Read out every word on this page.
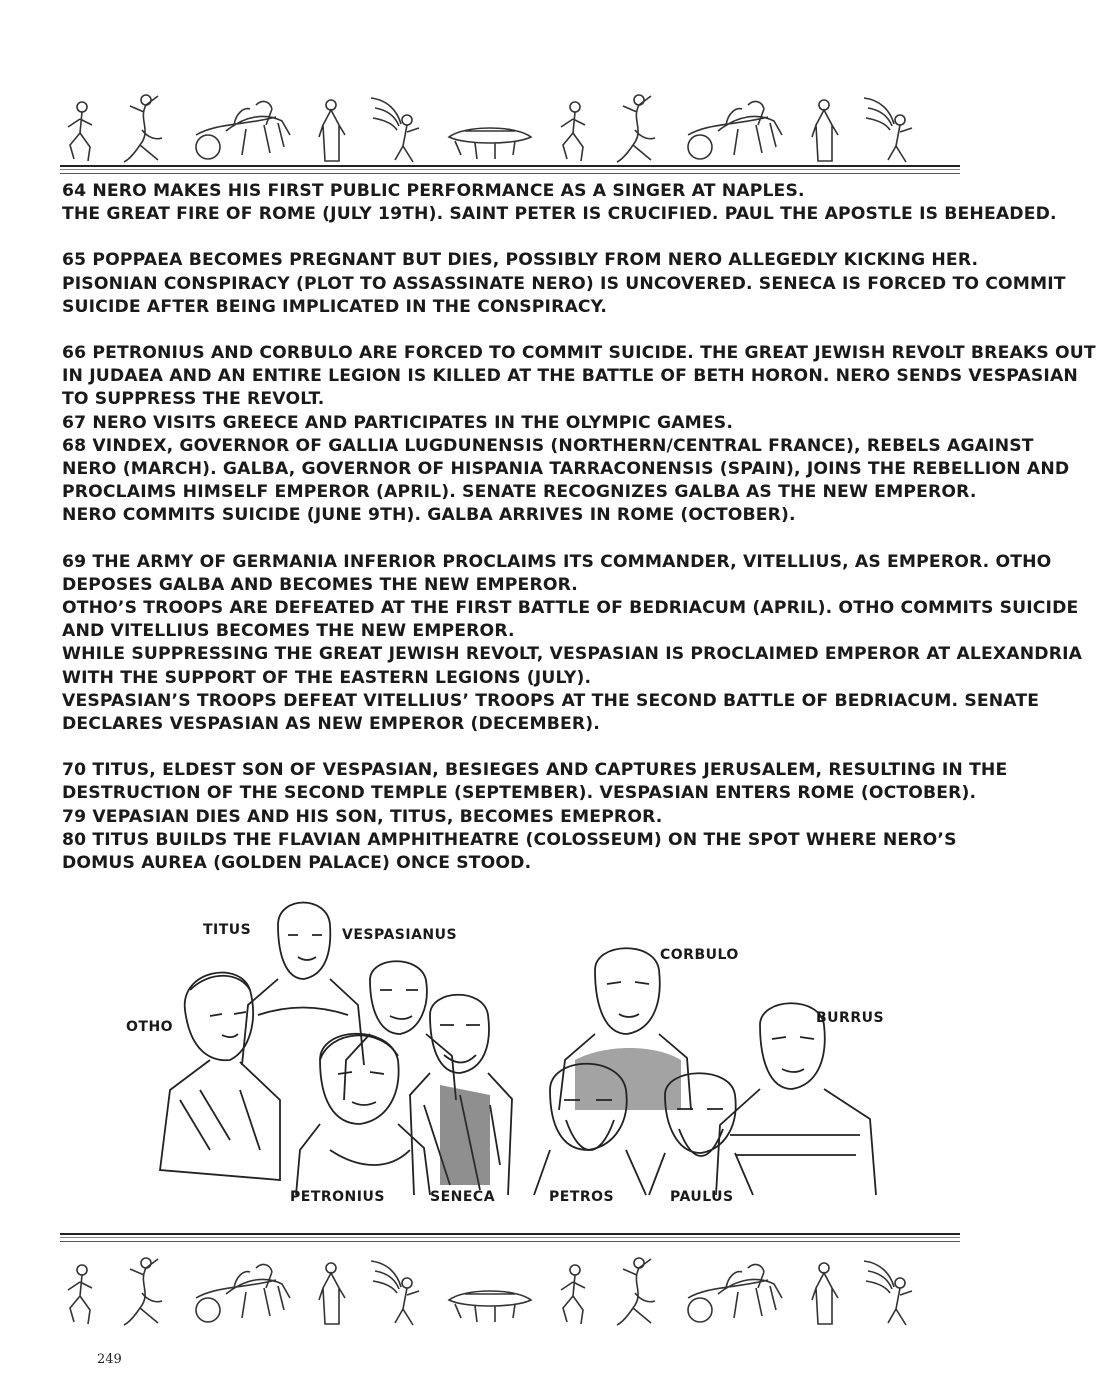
64 NERO MAKES HIS FIRST PUBLIC PERFORMANCE AS A SINGER AT NAPLES.
THE GREAT FIRE OF ROME (JULY 19TH). SAINT PETER IS CRUCIFIED. PAUL THE APOSTLE IS BEHEADED.
65 POPPAEA BECOMES PREGNANT BUT DIES, POSSIBLY FROM NERO ALLEGEDLY KICKING HER.
PISONIAN CONSPIRACY (PLOT TO ASSASSINATE NERO) IS UNCOVERED. SENECA IS FORCED TO COMMIT
SUICIDE AFTER BEING IMPLICATED IN THE CONSPIRACY.
66 PETRONIUS AND CORBULO ARE FORCED TO COMMIT SUICIDE. THE GREAT JEWISH REVOLT BREAKS OUT
IN JUDAEA AND AN ENTIRE LEGION IS KILLED AT THE BATTLE OF BETH HORON. NERO SENDS VESPASIAN
TO SUPPRESS THE REVOLT.
67 NERO VISITS GREECE AND PARTICIPATES IN THE OLYMPIC GAMES.
68 VINDEX, GOVERNOR OF GALLIA LUGDUNENSIS (NORTHERN/CENTRAL FRANCE), REBELS AGAINST
NERO (MARCH). GALBA, GOVERNOR OF HISPANIA TARRACONENSIS (SPAIN), JOINS THE REBELLION AND
PROCLAIMS HIMSELF EMPEROR (APRIL). SENATE RECOGNIZES GALBA AS THE NEW EMPEROR.
NERO COMMITS SUICIDE (JUNE 9TH). GALBA ARRIVES IN ROME (OCTOBER).
69 THE ARMY OF GERMANIA INFERIOR PROCLAIMS ITS COMMANDER, VITELLIUS, AS EMPEROR. OTHO
DEPOSES GALBA AND BECOMES THE NEW EMPEROR.
OTHO’S TROOPS ARE DEFEATED AT THE FIRST BATTLE OF BEDRIACUM (APRIL). OTHO COMMITS SUICIDE
AND VITELLIUS BECOMES THE NEW EMPEROR.
WHILE SUPPRESSING THE GREAT JEWISH REVOLT, VESPASIAN IS PROCLAIMED EMPEROR AT ALEXANDRIA
WITH THE SUPPORT OF THE EASTERN LEGIONS (JULY).
VESPASIAN’S TROOPS DEFEAT VITELLIUS’ TROOPS AT THE SECOND BATTLE OF BEDRIACUM. SENATE
DECLARES VESPASIAN AS NEW EMPEROR (DECEMBER).
70 TITUS, ELDEST SON OF VESPASIAN, BESIEGES AND CAPTURES JERUSALEM, RESULTING IN THE
DESTRUCTION OF THE SECOND TEMPLE (SEPTEMBER). VESPASIAN ENTERS ROME (OCTOBER).
79 VEPASIAN DIES AND HIS SON, TITUS, BECOMES EMEPROR.
80 TITUS BUILDS THE FLAVIAN AMPHITHEATRE (COLOSSEUM) ON THE SPOT WHERE NERO’S
DOMUS AUREA (GOLDEN PALACE) ONCE STOOD.
TITUS	VESPASIANUS
CORBULO
OTHO
BURRUS
PETRONIUS	SENECA	PETROS	PAULUS
249
